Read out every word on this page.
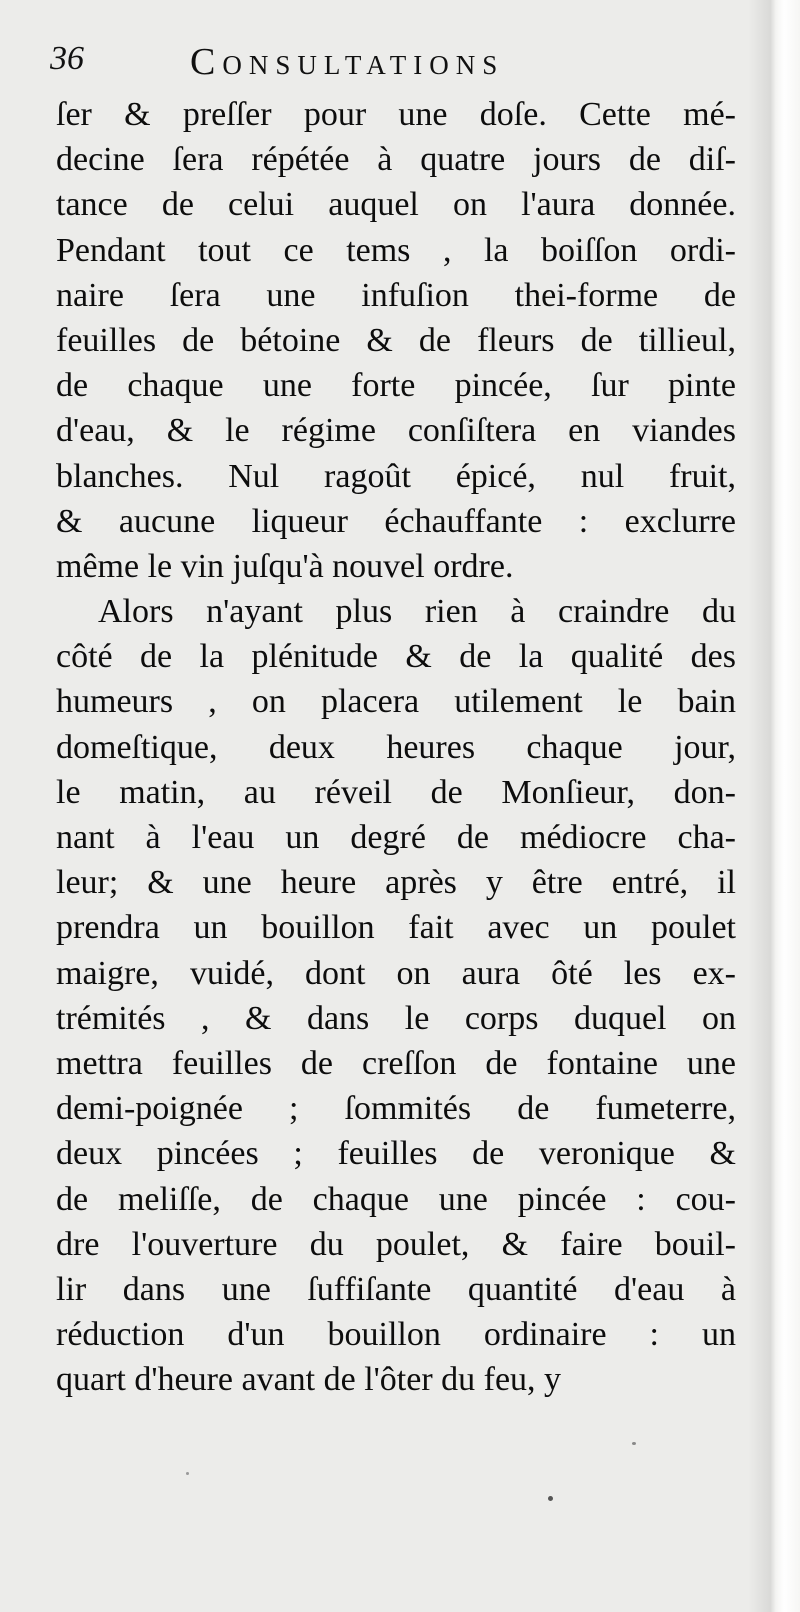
36	Consultations
ſer & preſſer pour une doſe. Cette mé-
decine ſera répétée à quatre jours de diſ-
tance de celui auquel on l'aura donnée.
Pendant tout ce tems , la boiſſon ordi-
naire ſera une infuſion thei-forme de
feuilles de bétoine & de fleurs de tillieul,
de chaque une forte pincée, ſur pinte
d'eau, & le régime conſiſtera en viandes
blanches. Nul ragoût épicé, nul fruit,
& aucune liqueur échauffante : exclurre
même le vin juſqu'à nouvel ordre.
Alors n'ayant plus rien à craindre du
côté de la plénitude & de la qualité des
humeurs , on placera utilement le bain
domeſtique, deux heures chaque jour,
le matin, au réveil de Monſieur, don-
nant à l'eau un degré de médiocre cha-
leur; & une heure après y être entré, il
prendra un bouillon fait avec un poulet
maigre, vuidé, dont on aura ôté les ex-
trémités , & dans le corps duquel on
mettra feuilles de creſſon de fontaine une
demi-poignée ; ſommités de fumeterre,
deux pincées ; feuilles de veronique &
de meliſſe, de chaque une pincée : cou-
dre l'ouverture du poulet, & faire bouil-
lir dans une ſuffiſante quantité d'eau à
réduction d'un bouillon ordinaire : un
quart d'heure avant de l'ôter du feu, y
